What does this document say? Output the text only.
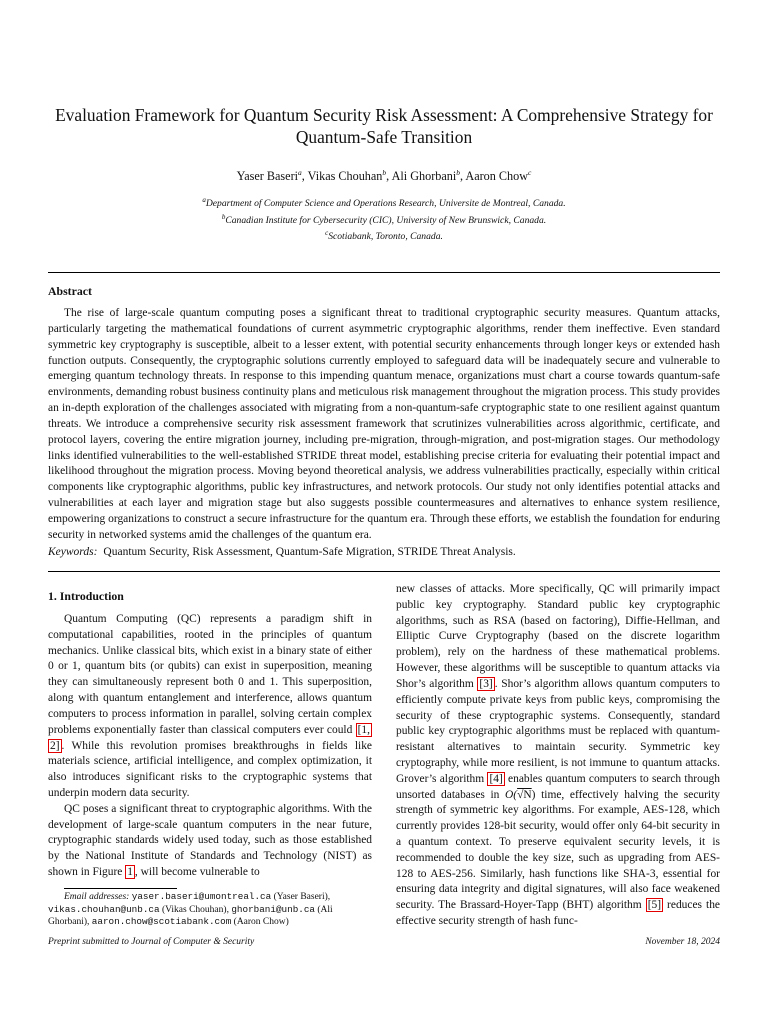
Evaluation Framework for Quantum Security Risk Assessment: A Comprehensive Strategy for Quantum-Safe Transition
Yaser Baseri$^a$, Vikas Chouhan$^b$, Ali Ghorbani$^b$, Aaron Chow$^c$
$^a$Department of Computer Science and Operations Research, Universite de Montreal, Canada.
$^b$Canadian Institute for Cybersecurity (CIC), University of New Brunswick, Canada.
$^c$Scotiabank, Toronto, Canada.
Abstract
The rise of large-scale quantum computing poses a significant threat to traditional cryptographic security measures. Quantum attacks, particularly targeting the mathematical foundations of current asymmetric cryptographic algorithms, render them ineffective. Even standard symmetric key cryptography is susceptible, albeit to a lesser extent, with potential security enhancements through longer keys or extended hash function outputs. Consequently, the cryptographic solutions currently employed to safeguard data will be inadequately secure and vulnerable to emerging quantum technology threats. In response to this impending quantum menace, organizations must chart a course towards quantum-safe environments, demanding robust business continuity plans and meticulous risk management throughout the migration process. This study provides an in-depth exploration of the challenges associated with migrating from a non-quantum-safe cryptographic state to one resilient against quantum threats. We introduce a comprehensive security risk assessment framework that scrutinizes vulnerabilities across algorithmic, certificate, and protocol layers, covering the entire migration journey, including pre-migration, through-migration, and post-migration stages. Our methodology links identified vulnerabilities to the well-established STRIDE threat model, establishing precise criteria for evaluating their potential impact and likelihood throughout the migration process. Moving beyond theoretical analysis, we address vulnerabilities practically, especially within critical components like cryptographic algorithms, public key infrastructures, and network protocols. Our study not only identifies potential attacks and vulnerabilities at each layer and migration stage but also suggests possible countermeasures and alternatives to enhance system resilience, empowering organizations to construct a secure infrastructure for the quantum era. Through these efforts, we establish the foundation for enduring security in networked systems amid the challenges of the quantum era.
Keywords: Quantum Security, Risk Assessment, Quantum-Safe Migration, STRIDE Threat Analysis.
1. Introduction

Quantum Computing (QC) represents a paradigm shift in computational capabilities, rooted in the principles of quantum mechanics. Unlike classical bits, which exist in a binary state of either 0 or 1, quantum bits (or qubits) can exist in superposition, meaning they can simultaneously represent both 0 and 1. This superposition, along with quantum entanglement and interference, allows quantum computers to process information in parallel, solving certain complex problems exponentially faster than classical computers ever could [1, 2] . While this revolution promises breakthroughs in fields like materials science, artificial intelligence, and complex optimization, it also introduces significant risks to the cryptographic systems that underpin modern data security.

QC poses a significant threat to cryptographic algorithms. With the development of large-scale quantum computers in the near future, cryptographic standards widely used today, such as those established by the National Institute of Standards and Technology (NIST) as shown in Figure 1 , will become vulnerable to

new classes of attacks. More specifically, QC will primarily impact public key cryptography. Standard public key cryptographic algorithms, such as RSA (based on factoring), Diffie-Hellman, and Elliptic Curve Cryptography (based on the discrete logarithm problem), rely on the hardness of these mathematical problems. However, these algorithms will be susceptible to quantum attacks via Shor’s algorithm [3] . Shor’s algorithm allows quantum computers to efficiently compute private keys from public keys, compromising the security of these cryptographic systems. Consequently, standard public key cryptographic algorithms must be replaced with quantum-resistant alternatives to maintain security. Symmetric key cryptography, while more resilient, is not immune to quantum attacks. Grover’s algorithm [4] enables quantum computers to search through unsorted databases in O(√N) time, effectively halving the security strength of symmetric key algorithms. For example, AES-128, which currently provides 128-bit security, would offer only 64-bit security in a quantum context. To preserve equivalent security levels, it is recommended to double the key size, such as upgrading from AES-128 to AES-256. Similarly, hash functions like SHA-3, essential for ensuring data integrity and digital signatures, will also face weakened security. The Brassard-Hoyer-Tapp (BHT) algorithm [5] reduces the effective security strength of hash func-

Email addresses: yaser.baseri@umontreal.ca (Yaser Baseri), vikas.chouhan@unb.ca (Vikas Chouhan), ghorbani@unb.ca (Ali Ghorbani), aaron.chow@scotiabank.com (Aaron Chow)
Preprint submitted to Journal of Computer & Security	November 18, 2024
